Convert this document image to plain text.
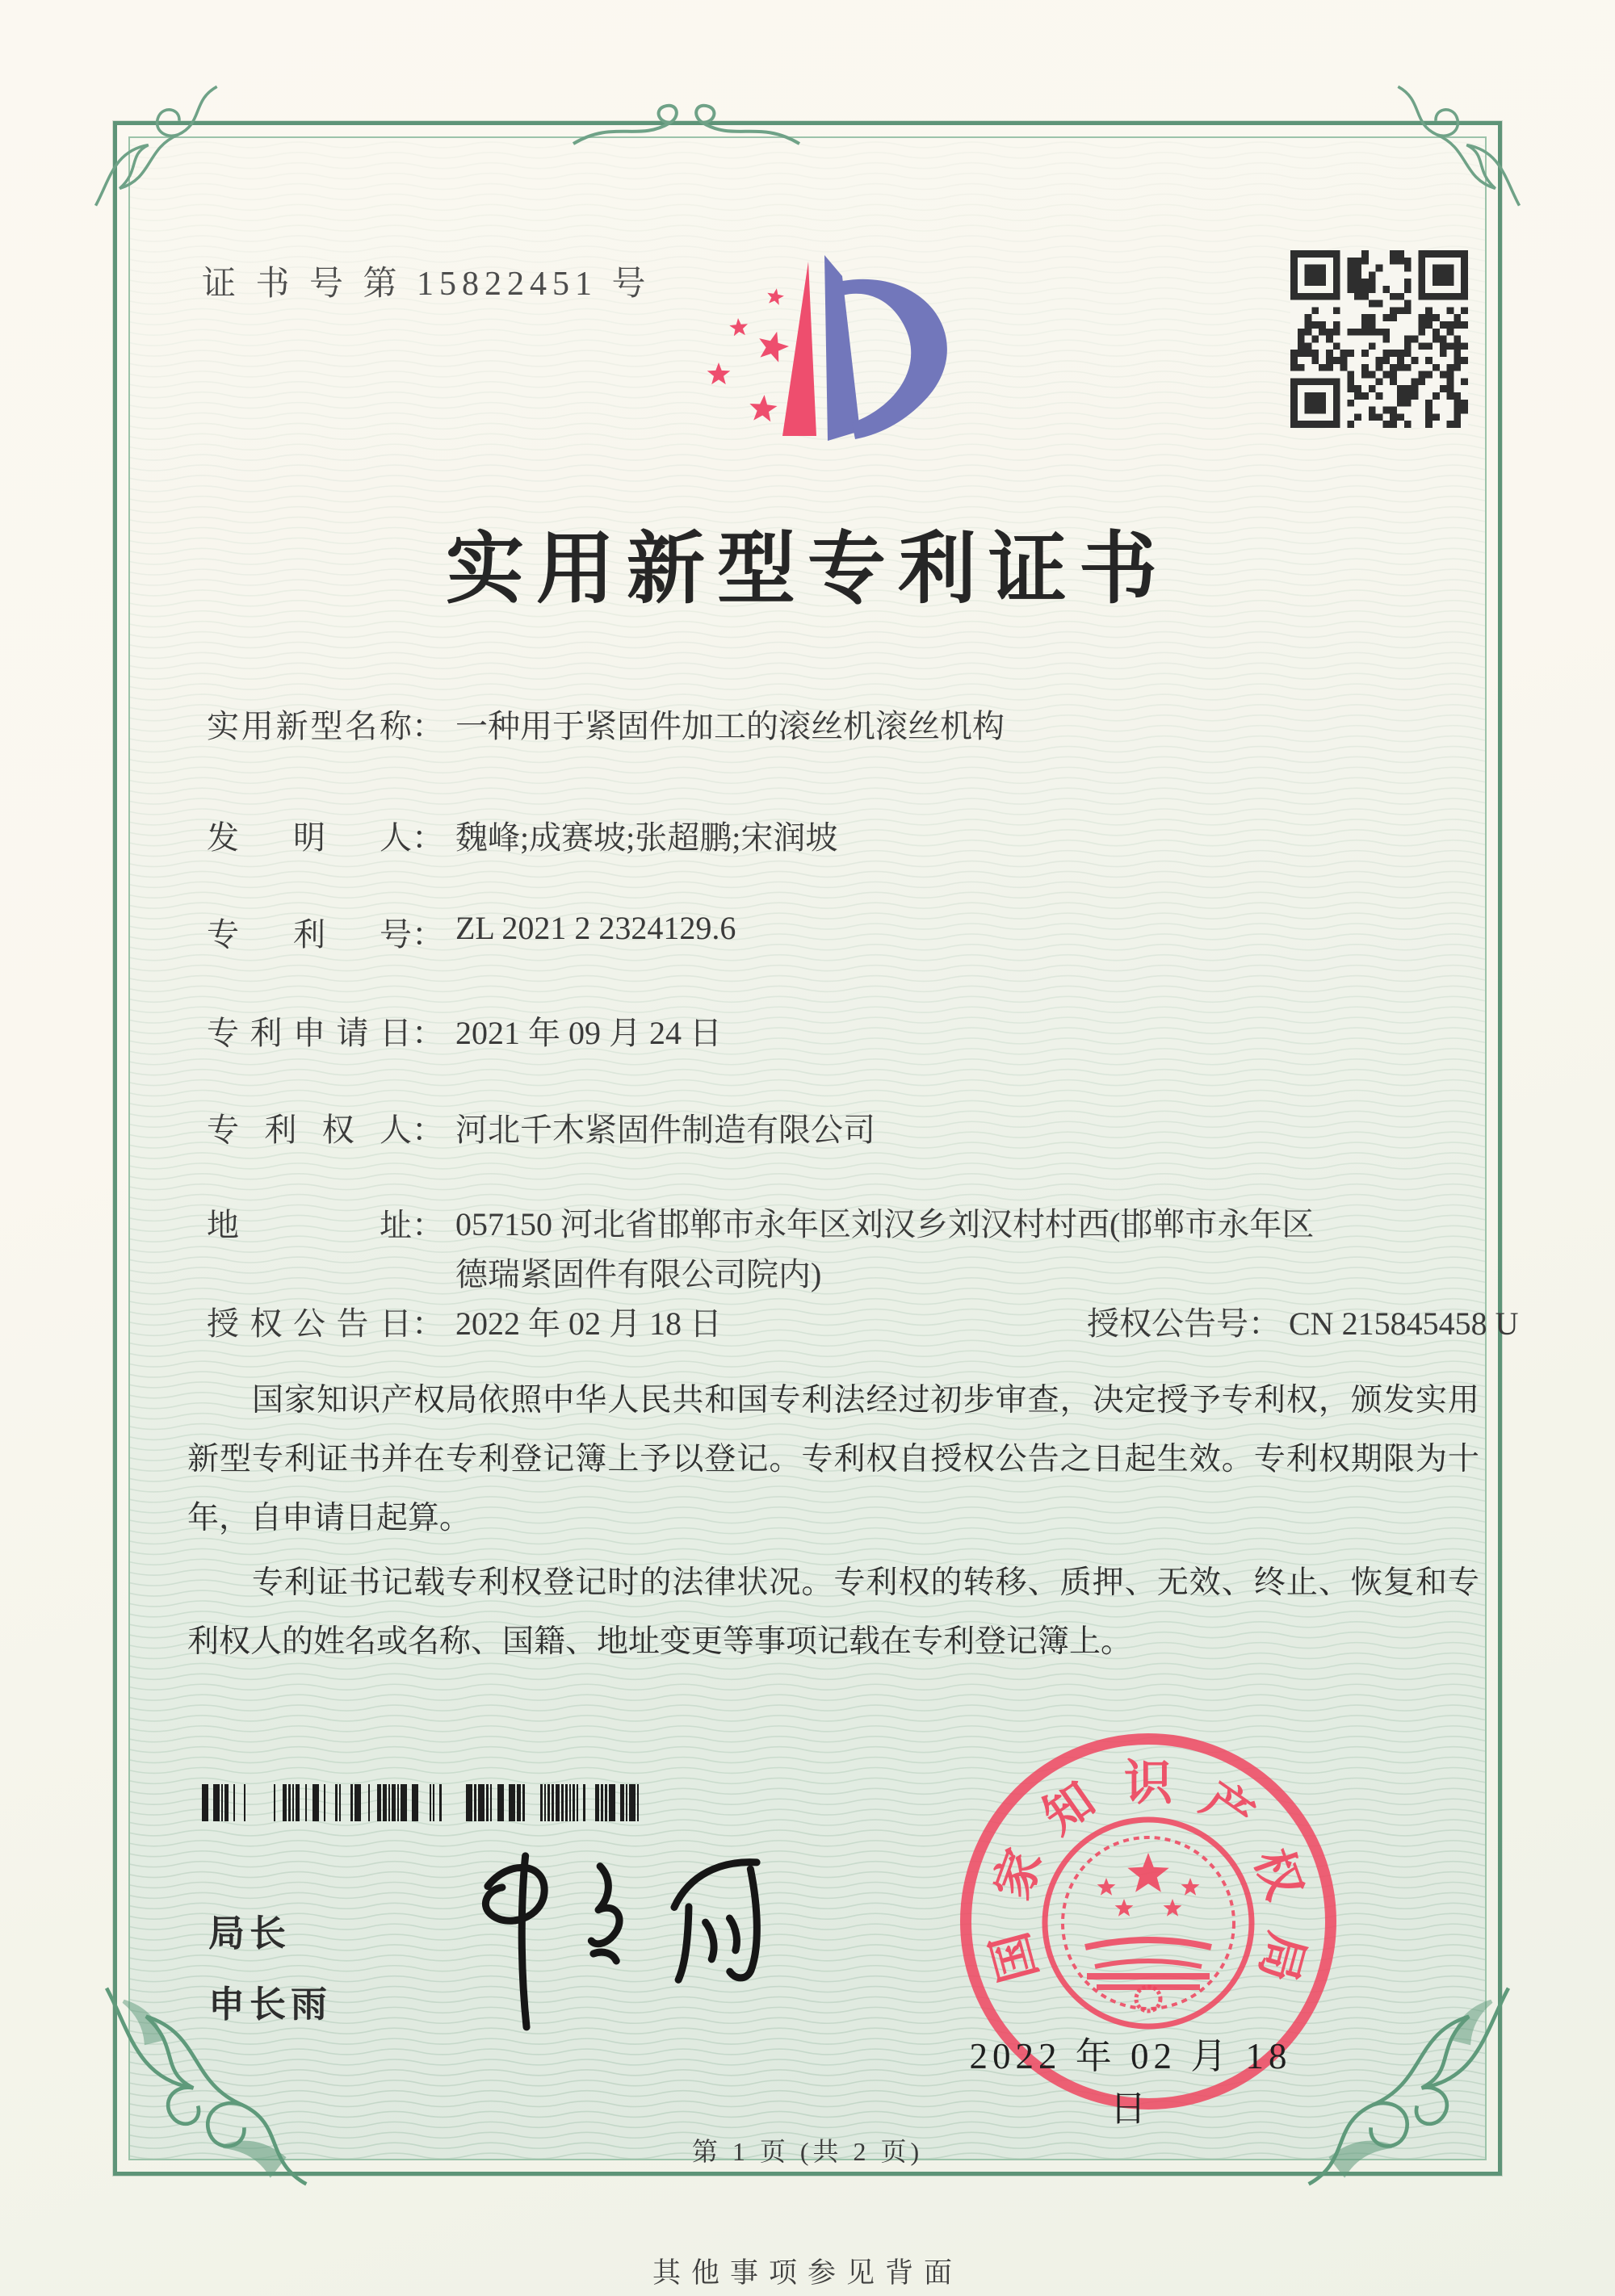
证 书 号 第 15822451 号
实用新型专利证书
实用新型名称： 一种用于紧固件加工的滚丝机滚丝机构
发明人： 魏峰;成赛坡;张超鹏;宋润坡
专利号： ZL 2021 2 2324129.6
专利申请日： 2021 年 09 月 24 日
专利权人： 河北千木紧固件制造有限公司
地址： 057150 河北省邯郸市永年区刘汉乡刘汉村村西(邯郸市永年区德瑞紧固件有限公司院内)
授权公告日： 2022 年 02 月 18 日	授权公告号： CN 215845458 U
国家知识产权局依照中华人民共和国专利法经过初步审查，决定授予专利权，颁发实用新型专利证书并在专利登记簿上予以登记。专利权自授权公告之日起生效。专利权期限为十年，自申请日起算。
专利证书记载专利权登记时的法律状况。专利权的转移、质押、无效、终止、恢复和专利权人的姓名或名称、国籍、地址变更等事项记载在专利登记簿上。
局长
申长雨
国
家
知 识 产
权
局
2022 年 02 月 18 日
第 1 页 (共 2 页)
其他事项参见背面
